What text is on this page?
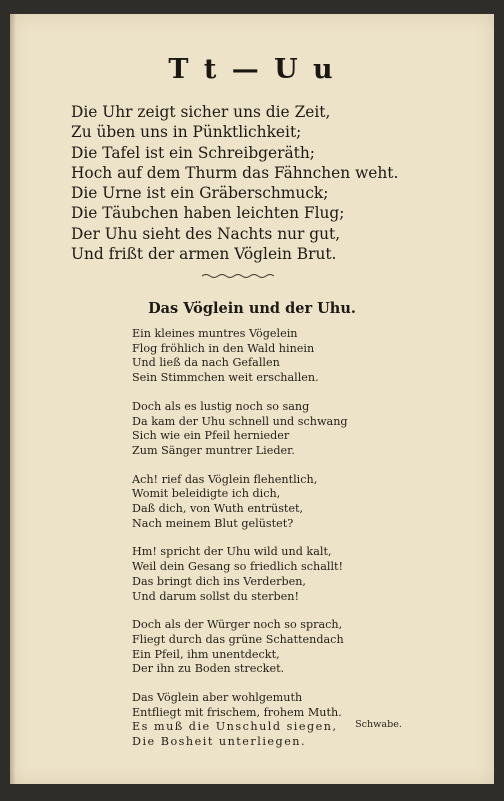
T t — U u
Die Uhr zeigt sicher uns die Zeit,
Zu üben uns in Pünktlichkeit;
Die Tafel ist ein Schreibgeräth;
Hoch auf dem Thurm das Fähnchen weht.
Die Urne ist ein Gräberschmuck;
Die Täubchen haben leichten Flug;
Der Uhu sieht des Nachts nur gut,
Und frißt der armen Vöglein Brut.
Das Vöglein und der Uhu.
Ein kleines muntres Vögelein
Flog fröhlich in den Wald hinein
Und ließ da nach Gefallen
Sein Stimmchen weit erschallen.
Doch als es lustig noch so sang
Da kam der Uhu schnell und schwang
Sich wie ein Pfeil hernieder
Zum Sänger muntrer Lieder.
Ach! rief das Vöglein flehentlich,
Womit beleidigte ich dich,
Daß dich, von Wuth entrüstet,
Nach meinem Blut gelüstet?
Hm! spricht der Uhu wild und kalt,
Weil dein Gesang so friedlich schallt!
Das bringt dich ins Verderben,
Und darum sollst du sterben!
Doch als der Würger noch so sprach,
Fliegt durch das grüne Schattendach
Ein Pfeil, ihm unentdeckt,
Der ihn zu Boden strecket.
Das Vöglein aber wohlgemuth
Entfliegt mit frischem, frohem Muth.
Es muß die Unschuld siegen,
Die Bosheit unterliegen.
Schwabe.
